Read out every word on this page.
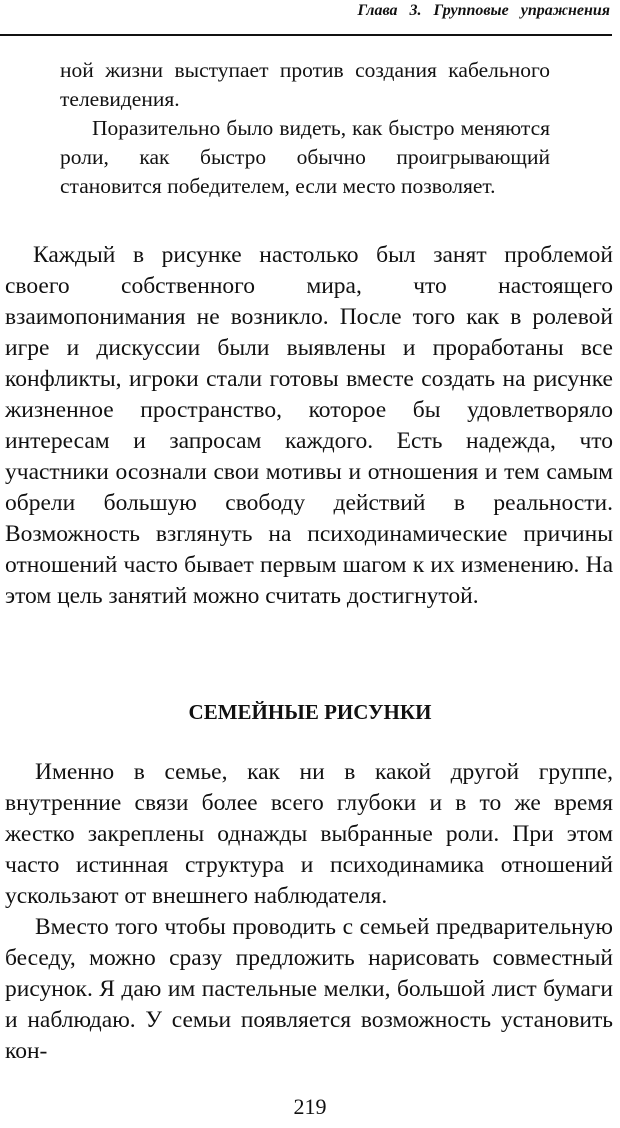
Глава 3. Групповые упражнения

ной жизни выступает против создания кабельного телевидения.

Поразительно было видеть, как быстро меняются роли, как быстро обычно проигрывающий становится победителем, если место позволяет.

Каждый в рисунке настолько был занят проблемой своего собственного мира, что настоящего взаимопонимания не возникло. После того как в ролевой игре и дискуссии были выявлены и проработаны все конфликты, игроки стали готовы вместе создать на рисунке жизненное пространство, которое бы удовлетворяло интересам и запросам каждого. Есть надежда, что участники осознали свои мотивы и отношения и тем самым обрели большую свободу действий в реальности. Возможность взглянуть на психодинамические причины отношений часто бывает первым шагом к их изменению. На этом цель занятий можно считать достигнутой.

СЕМЕЙНЫЕ РИСУНКИ

Именно в семье, как ни в какой другой группе, внутренние связи более всего глубоки и в то же время жестко закреплены однажды выбранные роли. При этом часто истинная структура и психодинамика отношений ускользают от внешнего наблюдателя.

Вместо того чтобы проводить с семьей предварительную беседу, можно сразу предложить нарисовать совместный рисунок. Я даю им пастельные мелки, большой лист бумаги и наблюдаю. У семьи появляется возможность установить кон-

219
